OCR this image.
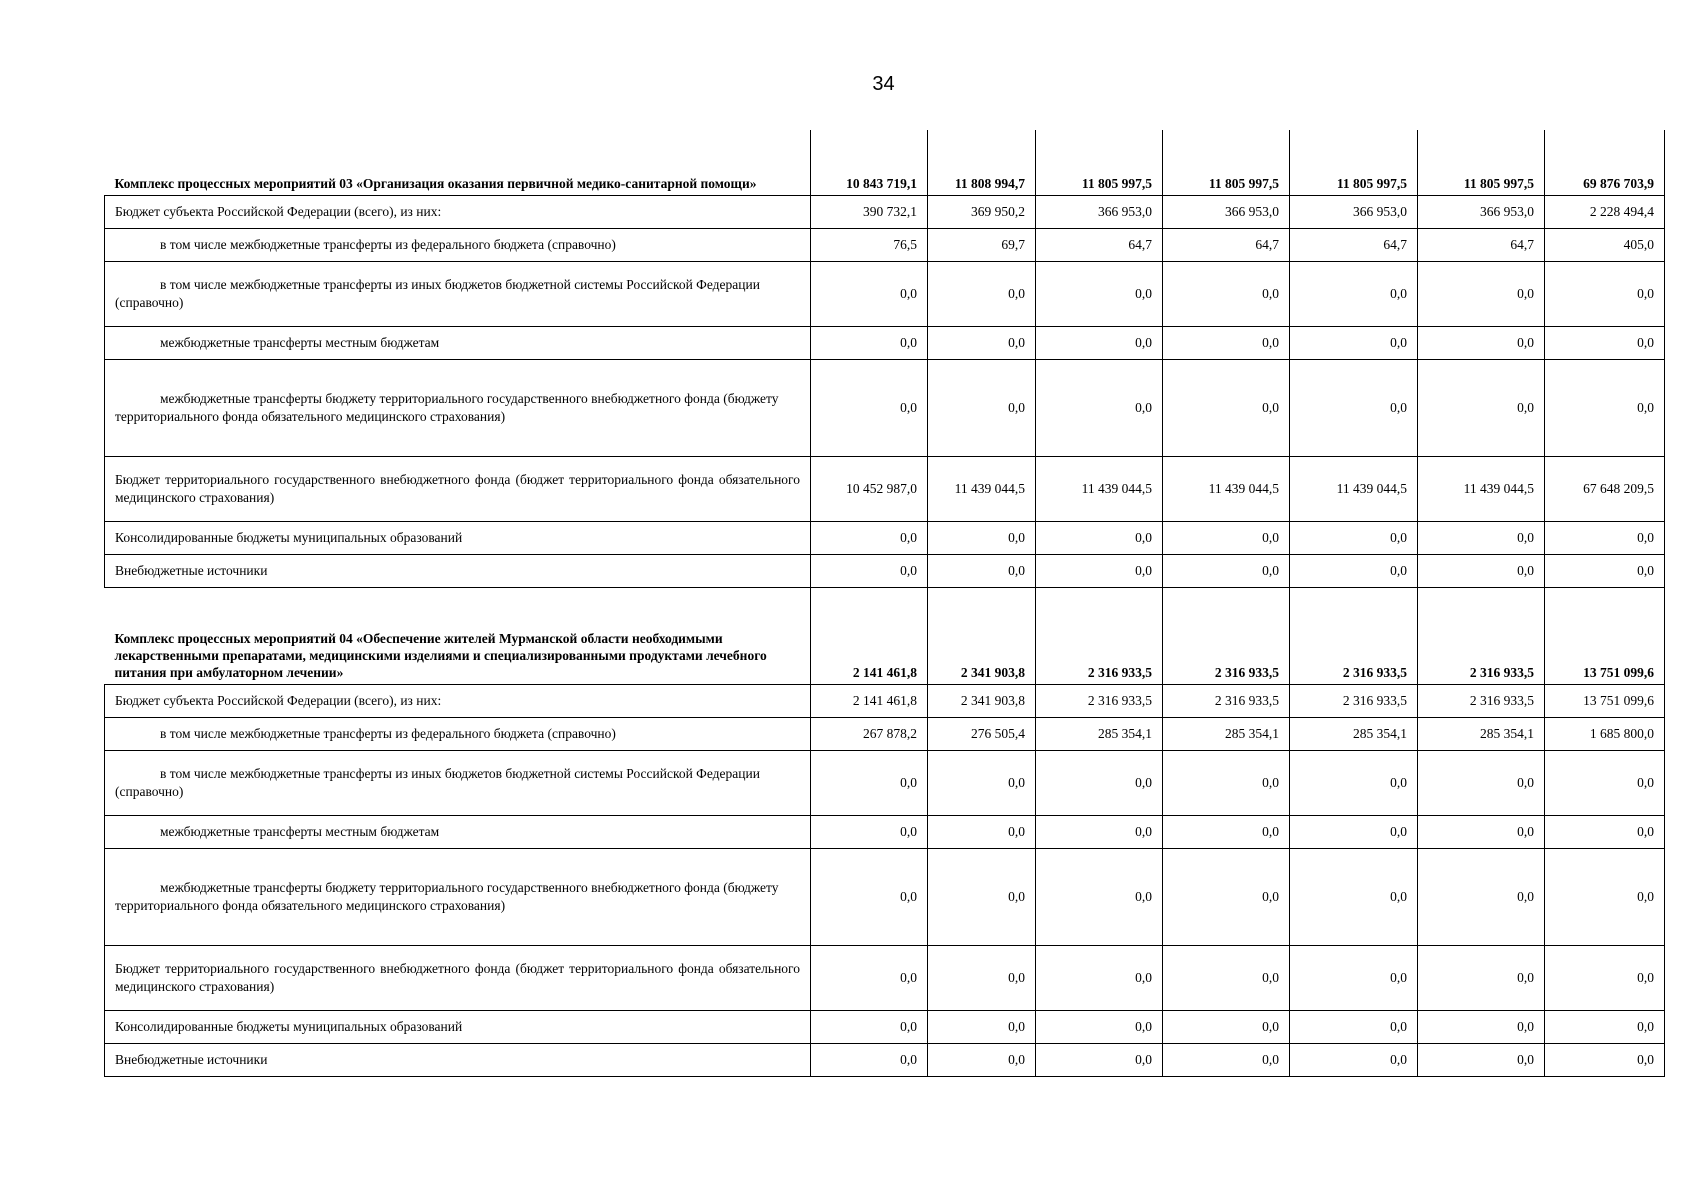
34
Комплекс процессных мероприятий 03 «Организация оказания первичной медико-санитарной помощи»	10 843 719,1	11 808 994,7	11 805 997,5	11 805 997,5	11 805 997,5	11 805 997,5	69 876 703,9
Бюджет субъекта Российской Федерации (всего), из них:	390 732,1	369 950,2	366 953,0	366 953,0	366 953,0	366 953,0	2 228 494,4

в том числе межбюджетные трансферты из федерального бюджета (справочно)	76,5	69,7	64,7	64,7	64,7	64,7	405,0

в том числе межбюджетные трансферты из иных бюджетов бюджетной системы Российской Федерации (справочно)	0,0	0,0	0,0	0,0	0,0	0,0	0,0

межбюджетные трансферты местным бюджетам	0,0	0,0	0,0	0,0	0,0	0,0	0,0

межбюджетные трансферты бюджету территориального государственного внебюджетного фонда (бюджету территориального фонда обязательного медицинского страхования)	0,0	0,0	0,0	0,0	0,0	0,0	0,0
Бюджет территориального государственного внебюджетного фонда (бюджет территориального фонда обязательного медицинского страхования)	10 452 987,0	11 439 044,5	11 439 044,5	11 439 044,5	11 439 044,5	11 439 044,5	67 648 209,5
Консолидированные бюджеты муниципальных образований	0,0	0,0	0,0	0,0	0,0	0,0	0,0
Внебюджетные источники	0,0	0,0	0,0	0,0	0,0	0,0	0,0
Комплекс процессных мероприятий 04 «Обеспечение жителей Мурманской области необходимыми лекарственными препаратами, медицинскими изделиями и специализированными продуктами лечебного питания при амбулаторном лечении»	2 141 461,8	2 341 903,8	2 316 933,5	2 316 933,5	2 316 933,5	2 316 933,5	13 751 099,6
Бюджет субъекта Российской Федерации (всего), из них:	2 141 461,8	2 341 903,8	2 316 933,5	2 316 933,5	2 316 933,5	2 316 933,5	13 751 099,6

в том числе межбюджетные трансферты из федерального бюджета (справочно)	267 878,2	276 505,4	285 354,1	285 354,1	285 354,1	285 354,1	1 685 800,0

в том числе межбюджетные трансферты из иных бюджетов бюджетной системы Российской Федерации (справочно)	0,0	0,0	0,0	0,0	0,0	0,0	0,0

межбюджетные трансферты местным бюджетам	0,0	0,0	0,0	0,0	0,0	0,0	0,0

межбюджетные трансферты бюджету территориального государственного внебюджетного фонда (бюджету территориального фонда обязательного медицинского страхования)	0,0	0,0	0,0	0,0	0,0	0,0	0,0
Бюджет территориального государственного внебюджетного фонда (бюджет территориального фонда обязательного медицинского страхования)	0,0	0,0	0,0	0,0	0,0	0,0	0,0
Консолидированные бюджеты муниципальных образований	0,0	0,0	0,0	0,0	0,0	0,0	0,0
Внебюджетные источники	0,0	0,0	0,0	0,0	0,0	0,0	0,0
